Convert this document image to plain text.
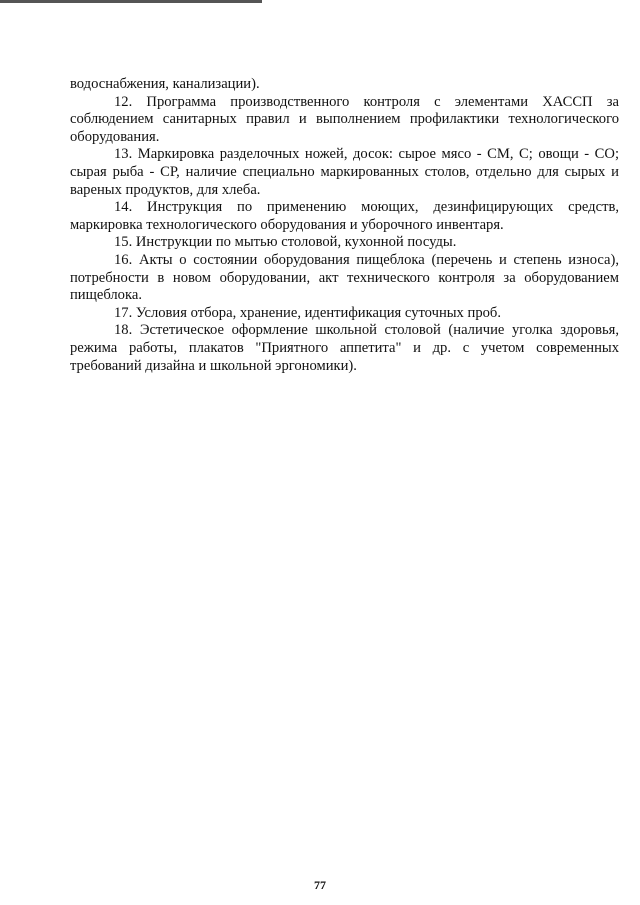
водоснабжения, канализации).

12. Программа производственного контроля с элементами ХАССП за соблюдением санитарных правил и выполнением профилактики технологического оборудования.

13. Маркировка разделочных ножей, досок: сырое мясо - СМ, С; овощи - СО; сырая рыба - СР, наличие специально маркированных столов, отдельно для сырых и вареных продуктов, для хлеба.

14. Инструкция по применению моющих, дезинфицирующих средств, маркировка технологического оборудования и уборочного инвентаря.

15. Инструкции по мытью столовой, кухонной посуды.

16. Акты о состоянии оборудования пищеблока (перечень и степень износа), потребности в новом оборудовании, акт технического контроля за оборудованием пищеблока.

17. Условия отбора, хранение, идентификация суточных проб.

18. Эстетическое оформление школьной столовой (наличие уголка здоровья, режима работы, плакатов "Приятного аппетита" и др. с учетом современных требований дизайна и школьной эргономики).

77
